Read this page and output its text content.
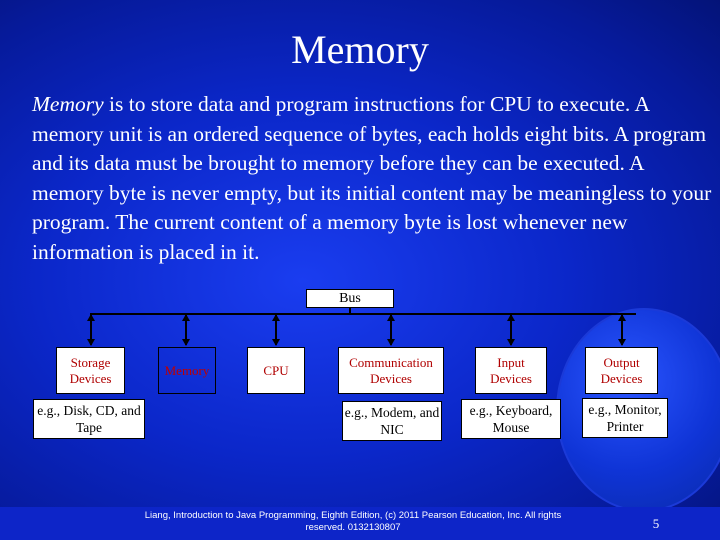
Memory
Memory is to store data and program instructions for CPU to execute. A memory unit is an ordered sequence of bytes, each holds eight bits. A program and its data must be brought to memory before they can be executed. A memory byte is never empty, but its initial content may be meaningless to your program. The current content of a memory byte is lost whenever new information is placed in it.
Bus
Storage Devices
Memory	CPU
Communication Devices
Input Devices
Output Devices
e.g., Disk, CD, and Tape
e.g., Modem, and NIC
e.g., Keyboard, Mouse
e.g., Monitor, Printer
Liang, Introduction to Java Programming, Eighth Edition, (c) 2011 Pearson Education, Inc. All rights reserved. 0132130807	5
